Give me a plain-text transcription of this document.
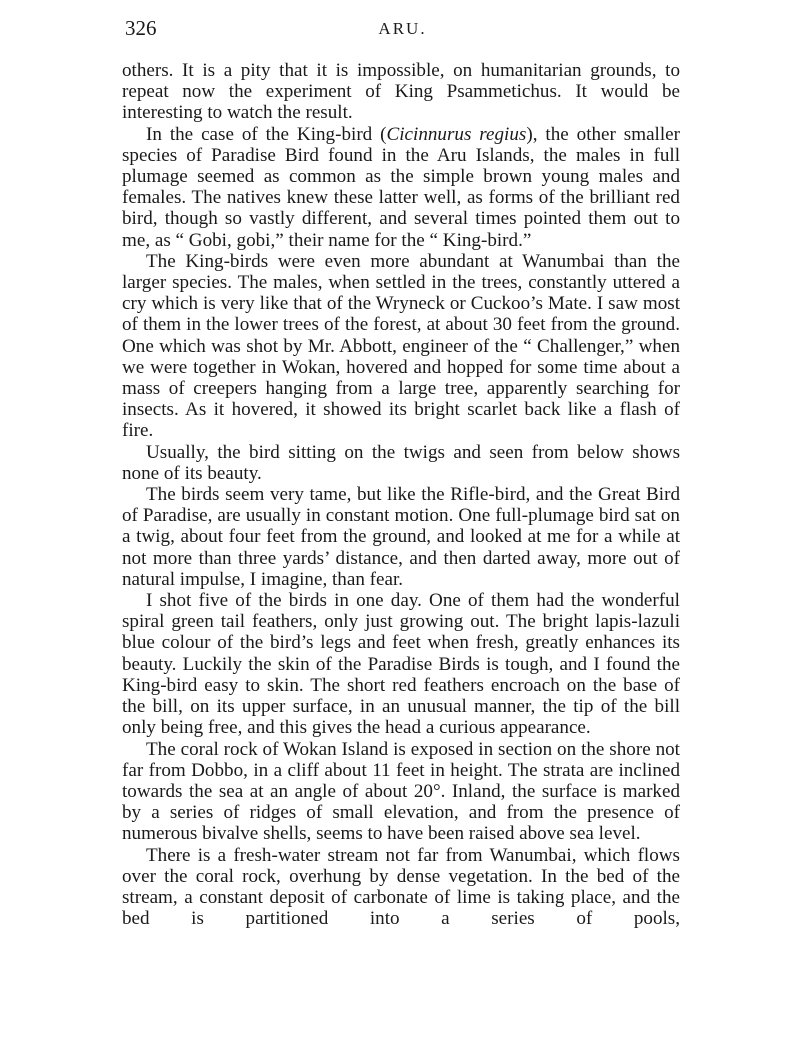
326	ARU.

others. It is a pity that it is impossible, on humanitarian grounds, to repeat now the experiment of King Psammetichus. It would be interesting to watch the result.

In the case of the King-bird (Cicinnurus regius), the other smaller species of Paradise Bird found in the Aru Islands, the males in full plumage seemed as common as the simple brown young males and females. The natives knew these latter well, as forms of the brilliant red bird, though so vastly different, and several times pointed them out to me, as “ Gobi, gobi,” their name for the “ King-bird.”

The King-birds were even more abundant at Wanumbai than the larger species. The males, when settled in the trees, constantly uttered a cry which is very like that of the Wryneck or Cuckoo’s Mate. I saw most of them in the lower trees of the forest, at about 30 feet from the ground. One which was shot by Mr. Abbott, engineer of the “ Challenger,” when we were together in Wokan, hovered and hopped for some time about a mass of creepers hanging from a large tree, apparently searching for insects. As it hovered, it showed its bright scarlet back like a flash of fire.

Usually, the bird sitting on the twigs and seen from below shows none of its beauty.

The birds seem very tame, but like the Rifle-bird, and the Great Bird of Paradise, are usually in constant motion. One full-plumage bird sat on a twig, about four feet from the ground, and looked at me for a while at not more than three yards’ distance, and then darted away, more out of natural impulse, I imagine, than fear.

I shot five of the birds in one day. One of them had the wonderful spiral green tail feathers, only just growing out. The bright lapis-lazuli blue colour of the bird’s legs and feet when fresh, greatly enhances its beauty. Luckily the skin of the Paradise Birds is tough, and I found the King-bird easy to skin. The short red feathers encroach on the base of the bill, on its upper surface, in an unusual manner, the tip of the bill only being free, and this gives the head a curious appearance.

The coral rock of Wokan Island is exposed in section on the shore not far from Dobbo, in a cliff about 11 feet in height. The strata are inclined towards the sea at an angle of about 20°. Inland, the surface is marked by a series of ridges of small elevation, and from the presence of numerous bivalve shells, seems to have been raised above sea level.

There is a fresh-water stream not far from Wanumbai, which flows over the coral rock, overhung by dense vegetation. In the bed of the stream, a constant deposit of carbonate of lime is taking place, and the bed is partitioned into a series of pools,
